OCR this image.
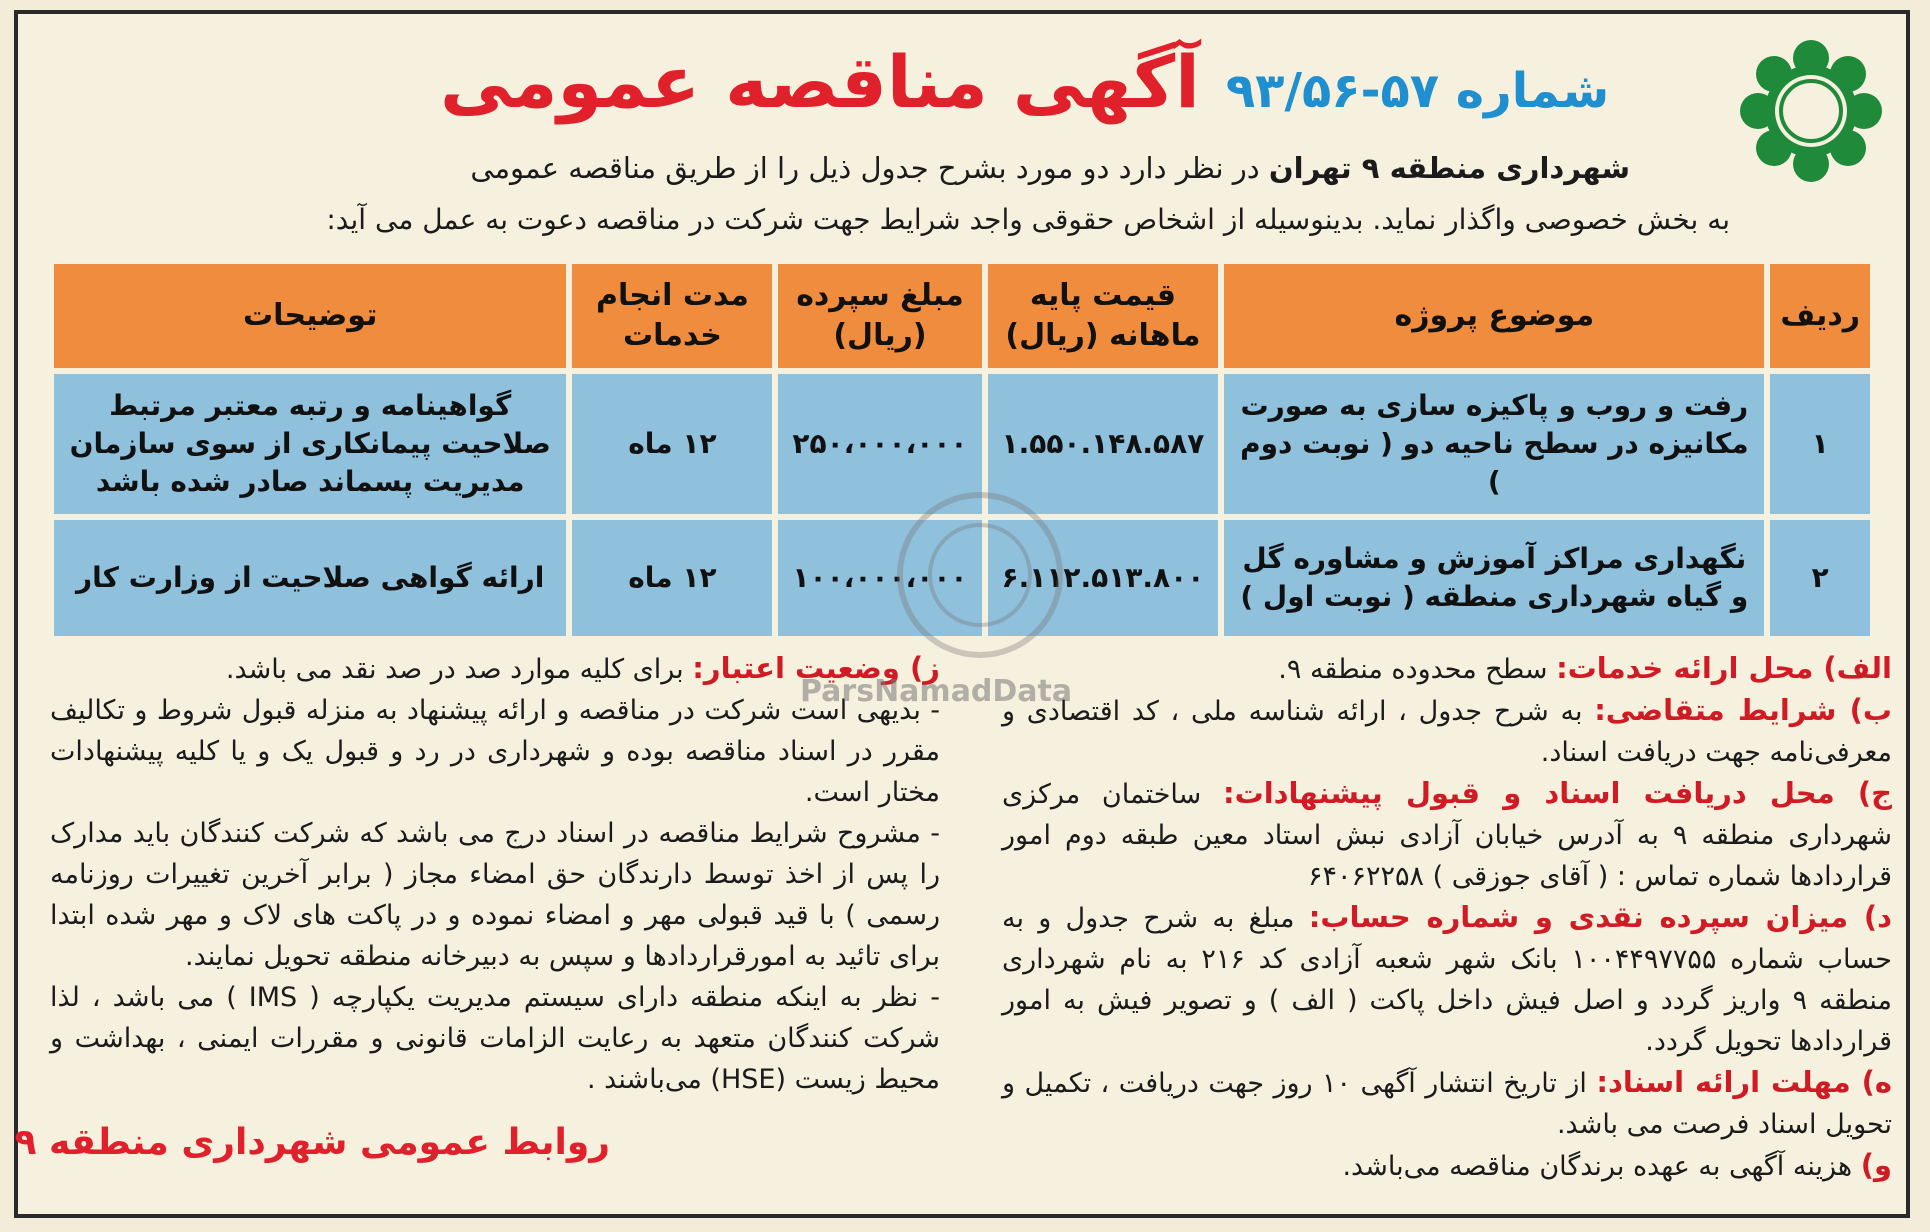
آگهی مناقصه عمومی شماره ۵۷-۹۳/۵۶
شهرداری منطقه ۹ تهران در نظر دارد دو مورد بشرح جدول ذیل را از طریق مناقصه عمومی
به بخش خصوصی واگذار نماید. بدینوسیله از اشخاص حقوقی واجد شرایط جهت شرکت در مناقصه دعوت به عمل می آید:
ردیف	موضوع پروژه	قیمت پایه ماهانه (ریال)	مبلغ سپرده (ریال)	مدت انجام خدمات	توضیحات
۱	رفت و روب و پاکیزه سازی به صورت مکانیزه در سطح ناحیه دو ( نوبت دوم )	۱.۵۵۰.۱۴۸.۵۸۷	۲۵۰،۰۰۰،۰۰۰	۱۲ ماه	گواهینامه و رتبه معتبر مرتبط صلاحیت پیمانکاری از سوی سازمان مدیریت پسماند صادر شده باشد
۲	نگهداری مراکز آموزش و مشاوره گل و گیاه شهرداری منطقه ( نوبت اول )	۶.۱۱۲.۵۱۳.۸۰۰	۱۰۰،۰۰۰،۰۰۰	۱۲ ماه	ارائه گواهی صلاحیت از وزارت کار

الف) محل ارائه خدمات: سطح محدوده منطقه ۹.

ب) شرایط متقاضی: به شرح جدول ، ارائه شناسه ملی ، کد اقتصادی و معرفی‌نامه جهت دریافت اسناد.

ج) محل دریافت اسناد و قبول پیشنهادات: ساختمان مرکزی شهرداری منطقه ۹ به آدرس خیابان آزادی نبش استاد معین طبقه دوم امور قراردادها شماره تماس : ( آقای جوزقی ) ۶۴۰۶۲۲۵۸

د) میزان سپرده نقدی و شماره حساب: مبلغ به شرح جدول و به حساب شماره ۱۰۰۴۴۹۷۷۵۵ بانک شهر شعبه آزادی کد ۲۱۶ به نام شهرداری منطقه ۹ واریز گردد و اصل فیش داخل پاکت ( الف ) و تصویر فیش به امور قراردادها تحویل گردد.

ه) مهلت ارائه اسناد: از تاریخ انتشار آگهی ۱۰ روز جهت دریافت ، تکمیل و تحویل اسناد فرصت می باشد.

و) هزینه آگهی به عهده برندگان مناقصه می‌باشد.

ز) وضعیت اعتبار: برای کلیه موارد صد در صد نقد می باشد.

- بدیهی است شرکت در مناقصه و ارائه پیشنهاد به منزله قبول شروط و تکالیف مقرر در اسناد مناقصه بوده و شهرداری در رد و قبول یک و یا کلیه پیشنهادات مختار است.

- مشروح شرایط مناقصه در اسناد درج می باشد که شرکت کنندگان باید مدارک را پس از اخذ توسط دارندگان حق امضاء مجاز ( برابر آخرین تغییرات روزنامه رسمی ) با قید قبولی مهر و امضاء نموده و در پاکت های لاک و مهر شده ابتدا برای تائید به امورقراردادها و سپس به دبیرخانه منطقه تحویل نمایند.

- نظر به اینکه منطقه دارای سیستم مدیریت یکپارچه ( IMS ) می باشد ، لذا شرکت کنندگان متعهد به رعایت الزامات قانونی و مقررات ایمنی ، بهداشت و محیط زیست (HSE) می‌باشند .

روابط عمومی شهرداری منطقه ۹
ParsNamadData
